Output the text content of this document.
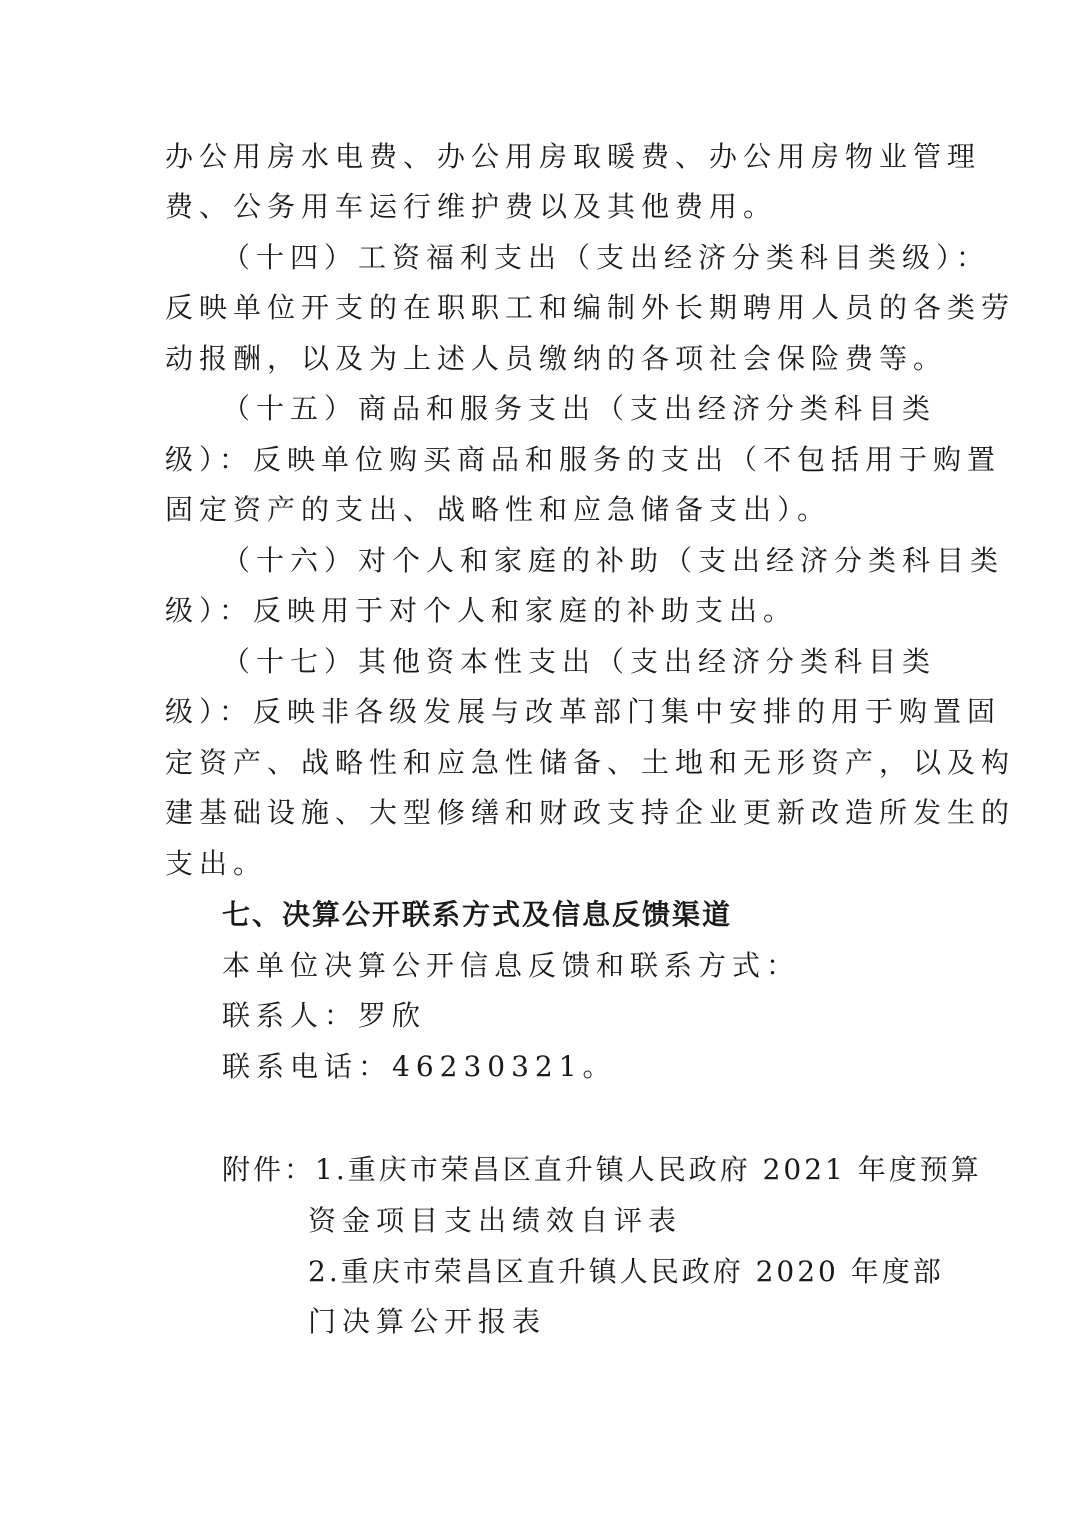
办公用房水电费、办公用房取暖费、办公用房物业管理
费、公务用车运行维护费以及其他费用。
（十四）工资福利支出（支出经济分类科目类级）：
反映单位开支的在职职工和编制外长期聘用人员的各类劳
动报酬，以及为上述人员缴纳的各项社会保险费等。
（十五）商品和服务支出（支出经济分类科目类
级）：反映单位购买商品和服务的支出（不包括用于购置
固定资产的支出、战略性和应急储备支出）。
（十六）对个人和家庭的补助（支出经济分类科目类
级）：反映用于对个人和家庭的补助支出。
（十七）其他资本性支出（支出经济分类科目类
级）：反映非各级发展与改革部门集中安排的用于购置固
定资产、战略性和应急性储备、土地和无形资产，以及构
建基础设施、大型修缮和财政支持企业更新改造所发生的
支出。
七、决算公开联系方式及信息反馈渠道
本单位决算公开信息反馈和联系方式：
联系人：罗欣
联系电话：46230321。
附件：1.重庆市荣昌区直升镇人民政府 2021 年度预算
资金项目支出绩效自评表
2.重庆市荣昌区直升镇人民政府 2020 年度部
门决算公开报表
